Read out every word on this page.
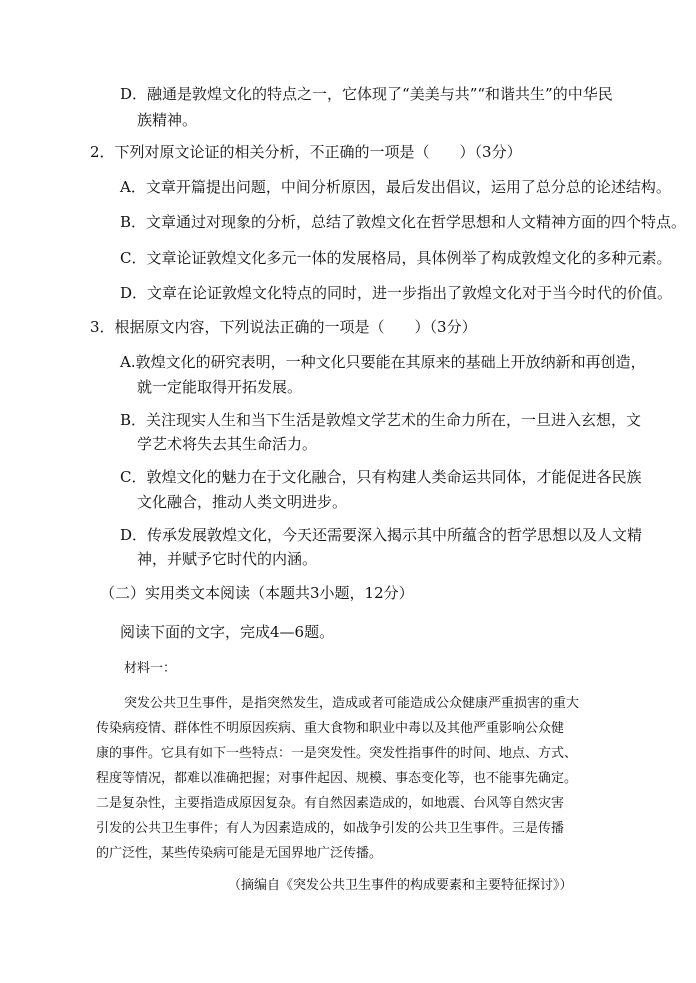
D．融通是敦煌文化的特点之一，它体现了“美美与共”“和谐共生”的中华民
族精神。
2．下列对原文论证的相关分析，不正确的一项是（　　）（3分）
A．文章开篇提出问题，中间分析原因，最后发出倡议，运用了总分总的论述结构。
B．文章通过对现象的分析，总结了敦煌文化在哲学思想和人文精神方面的四个特点。
C．文章论证敦煌文化多元一体的发展格局，具体例举了构成敦煌文化的多种元素。
D．文章在论证敦煌文化特点的同时，进一步指出了敦煌文化对于当今时代的价值。
3．根据原文内容，下列说法正确的一项是（　　）（3分）
A.敦煌文化的研究表明，一种文化只要能在其原来的基础上开放纳新和再创造，
就一定能取得开拓发展。
B．关注现实人生和当下生活是敦煌文学艺术的生命力所在，一旦进入玄想，文
学艺术将失去其生命活力。
C．敦煌文化的魅力在于文化融合，只有构建人类命运共同体，才能促进各民族
文化融合，推动人类文明进步。
D．传承发展敦煌文化，今天还需要深入揭示其中所蕴含的哲学思想以及人文精
神，并赋予它时代的内涵。
（二）实用类文本阅读（本题共3小题，12分）
阅读下面的文字，完成4—6题。
材料一：
突发公共卫生事件，是指突然发生，造成或者可能造成公众健康严重损害的重大
传染病疫情、群体性不明原因疾病、重大食物和职业中毒以及其他严重影响公众健
康的事件。它具有如下一些特点：一是突发性。突发性指事件的时间、地点、方式、
程度等情况，都难以准确把握；对事件起因、规模、事态变化等，也不能事先确定。
二是复杂性，主要指造成原因复杂。有自然因素造成的，如地震、台风等自然灾害
引发的公共卫生事件；有人为因素造成的，如战争引发的公共卫生事件。三是传播
的广泛性，某些传染病可能是无国界地广泛传播。
（摘编自《突发公共卫生事件的构成要素和主要特征探讨》）
